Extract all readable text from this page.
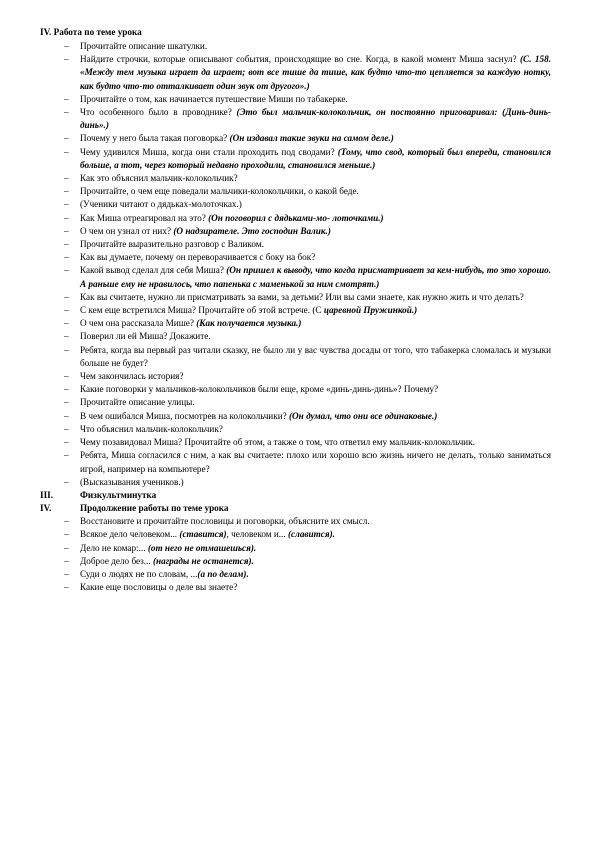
IV. Работа по теме урока
– Прочитайте описание шкатулки.
– Найдите строчки, которые описывают события, происходящие во сне. Когда, в какой момент Миша заснул? (С. 158. «Между тем музыка играет да играет; вот все тише да тише, как будто что-то цепляется за каждую нотку, как будто что-то отталкивает один звук от другого».)
– Прочитайте о том, как начинается путешествие Миши по табакерке.
– Что особенного было в проводнике? (Это был мальчик-колокольчик, он постоянно приговаривал: (Динь-динь-динь».)
– Почему у него была такая поговорка? (Он издавал такие звуки на самом деле.)
– Чему удивился Миша, когда они стали проходить под сводами? (Тому, что свод, который был впереди, становился больше, а тот, через который недавно проходили, становился меньше.)
– Как это объяснил мальчик-колокольчик?
– Прочитайте, о чем еще поведали мальчики-колокольчики, о какой беде.
– (Ученики читают о дядьках-молоточках.)
– Как Миша отреагировал на это? (Он поговорил с дядьками-мо- лоточками.)
– О чем он узнал от них? (О надзирателе. Это господин Валик.)
– Прочитайте выразительно разговор с Валиком.
– Как вы думаете, почему он переворачивается с боку на бок?
– Какой вывод сделал для себя Миша? (Он пришел к выводу, что когда присматривает за кем-нибудь, то это хорошо. А раньше ему не нравилось, что папенька с маменькой за ним смотрят.)
– Как вы считаете, нужно ли присматривать за вами, за детьми? Или вы сами знаете, как нужно жить и что делать?
– С кем еще встретился Миша? Прочитайте об этой встрече. (С царевной Пружинкой.)
– О чем она рассказала Мише? (Как получается музыка.)
– Поверил ли ей Миша? Докажите.
– Ребята, когда вы первый раз читали сказку, не было ли у вас чувства досады от того, что табакерка сломалась и музыки больше не будет?
– Чем закончилась история?
– Какие поговорки у мальчиков-колокольчиков были еще, кроме «динь-динь-динь»? Почему?
– Прочитайте описание улицы.
– В чем ошибался Миша, посмотрев на колокольчики? (Он думал, что они все одинаковые.)
– Что объяснил мальчик-колокольчик?
– Чему позавидовал Миша? Прочитайте об этом, а также о том, что ответил ему мальчик-колокольчик.
– Ребята, Миша согласился с ним, а как вы считаете: плохо или хорошо всю жизнь ничего не делать, только заниматься игрой, например на компьютере?
– (Высказывания учеников.)
III.	Физкультминутка
IV.	Продолжение работы по теме урока
– Восстановите и прочитайте пословицы и поговорки, объясните их смысл.
– Всякое дело человеком... (ставится), человеком и... (славится).
– Дело не комар:... (от него не отмашешься).
– Доброе дело без... (награды не останется).
– Суди о людях не по словам, ...(а по делам).
– Какие еще пословицы о деле вы знаете?
